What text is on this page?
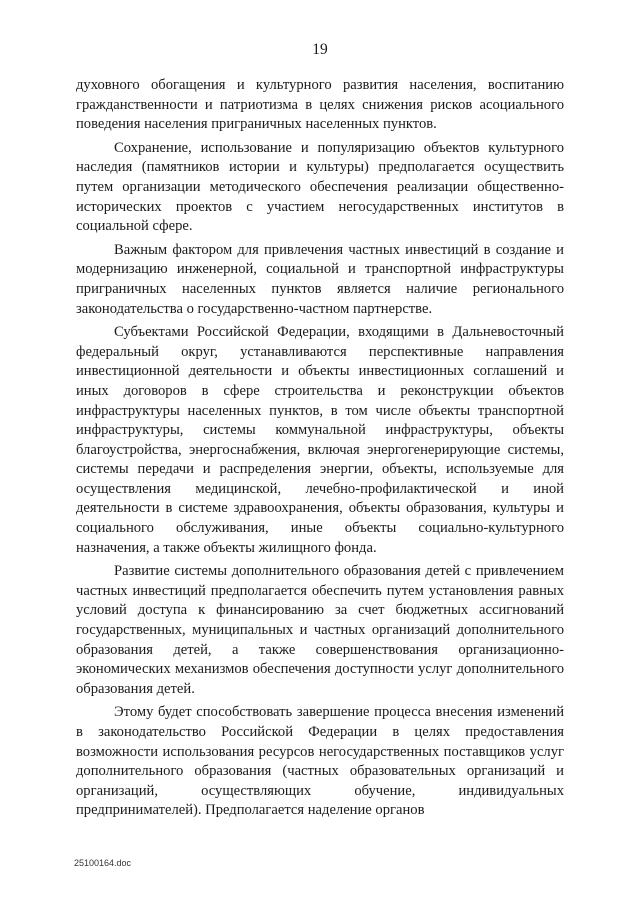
19

духовного обогащения и культурного развития населения, воспитанию гражданственности и патриотизма в целях снижения рисков асоциального поведения населения приграничных населенных пунктов.

Сохранение, использование и популяризацию объектов культурного наследия (памятников истории и культуры) предполагается осуществить путем организации методического обеспечения реализации общественно-исторических проектов с участием негосударственных институтов в социальной сфере.

Важным фактором для привлечения частных инвестиций в создание и модернизацию инженерной, социальной и транспортной инфраструктуры приграничных населенных пунктов является наличие регионального законодательства о государственно-частном партнерстве.

Субъектами Российской Федерации, входящими в Дальневосточный федеральный округ, устанавливаются перспективные направления инвестиционной деятельности и объекты инвестиционных соглашений и иных договоров в сфере строительства и реконструкции объектов инфраструктуры населенных пунктов, в том числе объекты транспортной инфраструктуры, системы коммунальной инфраструктуры, объекты благоустройства, энергоснабжения, включая энергогенерирующие системы, системы передачи и распределения энергии, объекты, используемые для осуществления медицинской, лечебно-профилактической и иной деятельности в системе здравоохранения, объекты образования, культуры и социального обслуживания, иные объекты социально-культурного назначения, а также объекты жилищного фонда.

Развитие системы дополнительного образования детей с привлечением частных инвестиций предполагается обеспечить путем установления равных условий доступа к финансированию за счет бюджетных ассигнований государственных, муниципальных и частных организаций дополнительного образования детей, а также совершенствования организационно-экономических механизмов обеспечения доступности услуг дополнительного образования детей.

Этому будет способствовать завершение процесса внесения изменений в законодательство Российской Федерации в целях предоставления возможности использования ресурсов негосударственных поставщиков услуг дополнительного образования (частных образовательных организаций и организаций, осуществляющих обучение, индивидуальных предпринимателей). Предполагается наделение органов

25100164.doc
